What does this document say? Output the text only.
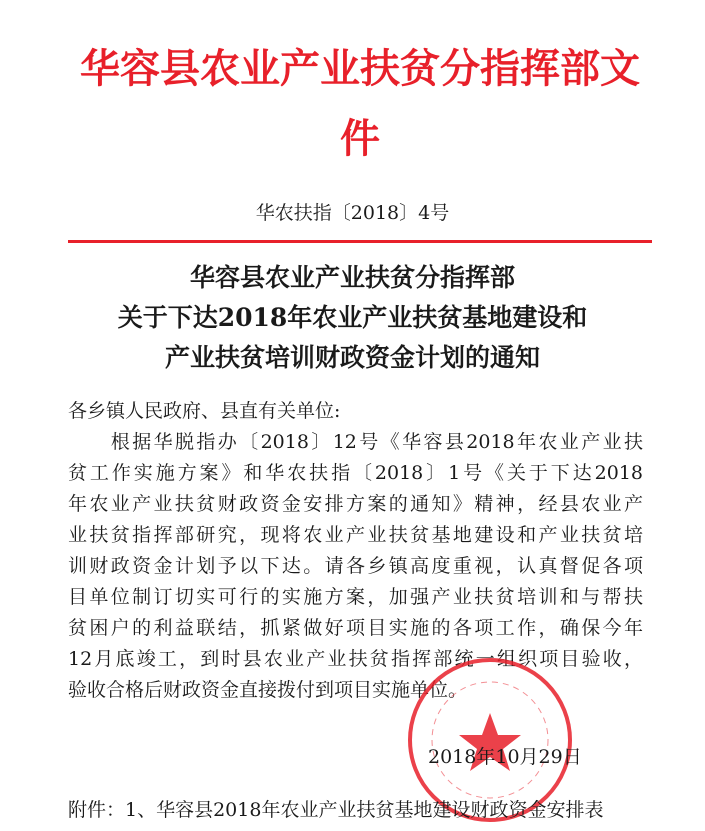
华容县农业产业扶贫分指挥部文件
华农扶指〔2018〕4号
华容县农业产业扶贫分指挥部
关于下达2018年农业产业扶贫基地建设和
产业扶贫培训财政资金计划的通知
各乡镇人民政府、县直有关单位:
　　根据华脱指办〔2018〕12号《华容县2018年农业产业扶
贫工作实施方案》和华农扶指〔2018〕1号《关于下达2018
年农业产业扶贫财政资金安排方案的通知》精神，经县农业产
业扶贫指挥部研究，现将农业产业扶贫基地建设和产业扶贫培
训财政资金计划予以下达。请各乡镇高度重视，认真督促各项
目单位制订切实可行的实施方案，加强产业扶贫培训和与帮扶
贫困户的利益联结，抓紧做好项目实施的各项工作，确保今年
12月底竣工，到时县农业产业扶贫指挥部统一组织项目验收，
验收合格后财政资金直接拨付到项目实施单位。
2018年10月29日
附件：1、华容县2018年农业产业扶贫基地建设财政资金安排表
